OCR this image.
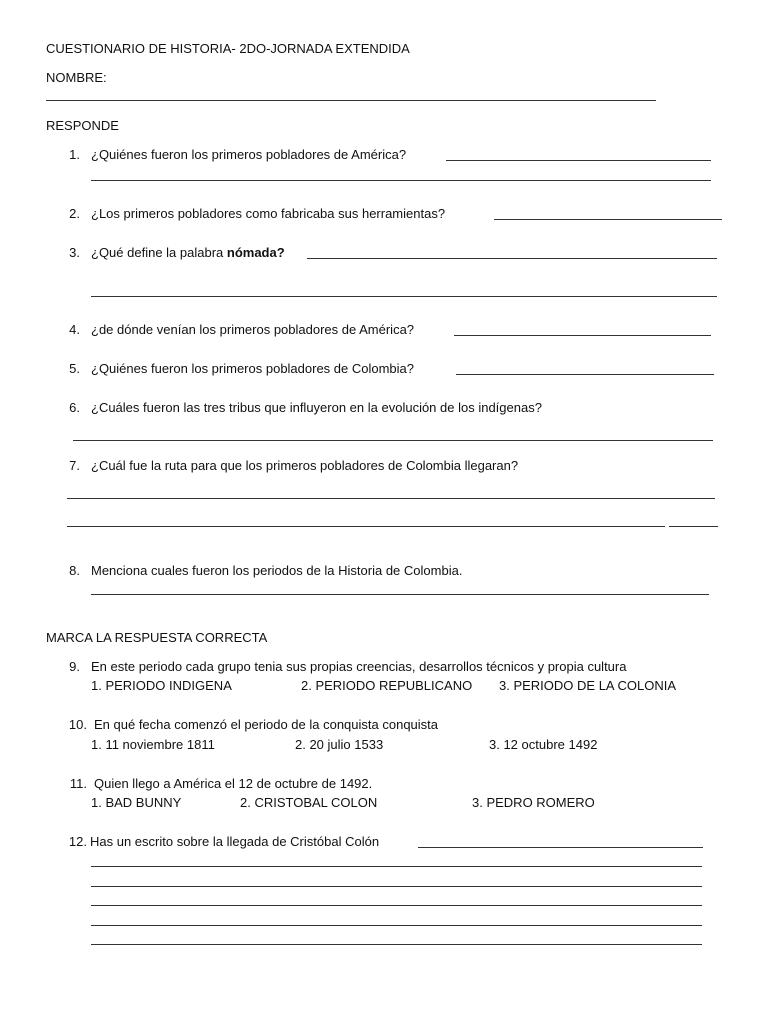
CUESTIONARIO DE HISTORIA- 2DO-JORNADA EXTENDIDA
NOMBRE:
RESPONDE
1. ¿Quiénes fueron los primeros pobladores de América?
2. ¿Los primeros pobladores como fabricaba sus herramientas?
3. ¿Qué define la palabra nómada?
4. ¿de dónde venían los primeros pobladores de América?
5. ¿Quiénes fueron los primeros pobladores de Colombia?
6. ¿Cuáles fueron las tres tribus que influyeron en la evolución de los indígenas?
7. ¿Cuál fue la ruta para que los primeros pobladores de Colombia llegaran?
8. Menciona cuales fueron los periodos de la Historia de Colombia.
MARCA LA RESPUESTA CORRECTA
9. En este periodo cada grupo tenia sus propias creencias, desarrollos técnicos y propia cultura
1. PERIODO INDIGENA	2. PERIODO REPUBLICANO 3. PERIODO DE LA COLONIA
10. En qué fecha comenzó el periodo de la conquista conquista
1. 11 noviembre 1811	2. 20 julio 1533	3. 12 octubre 1492
11. Quien llego a América el 12 de octubre de 1492.
1. BAD BUNNY	2. CRISTOBAL COLON	3. PEDRO ROMERO
12. Has un escrito sobre la llegada de Cristóbal Colón
